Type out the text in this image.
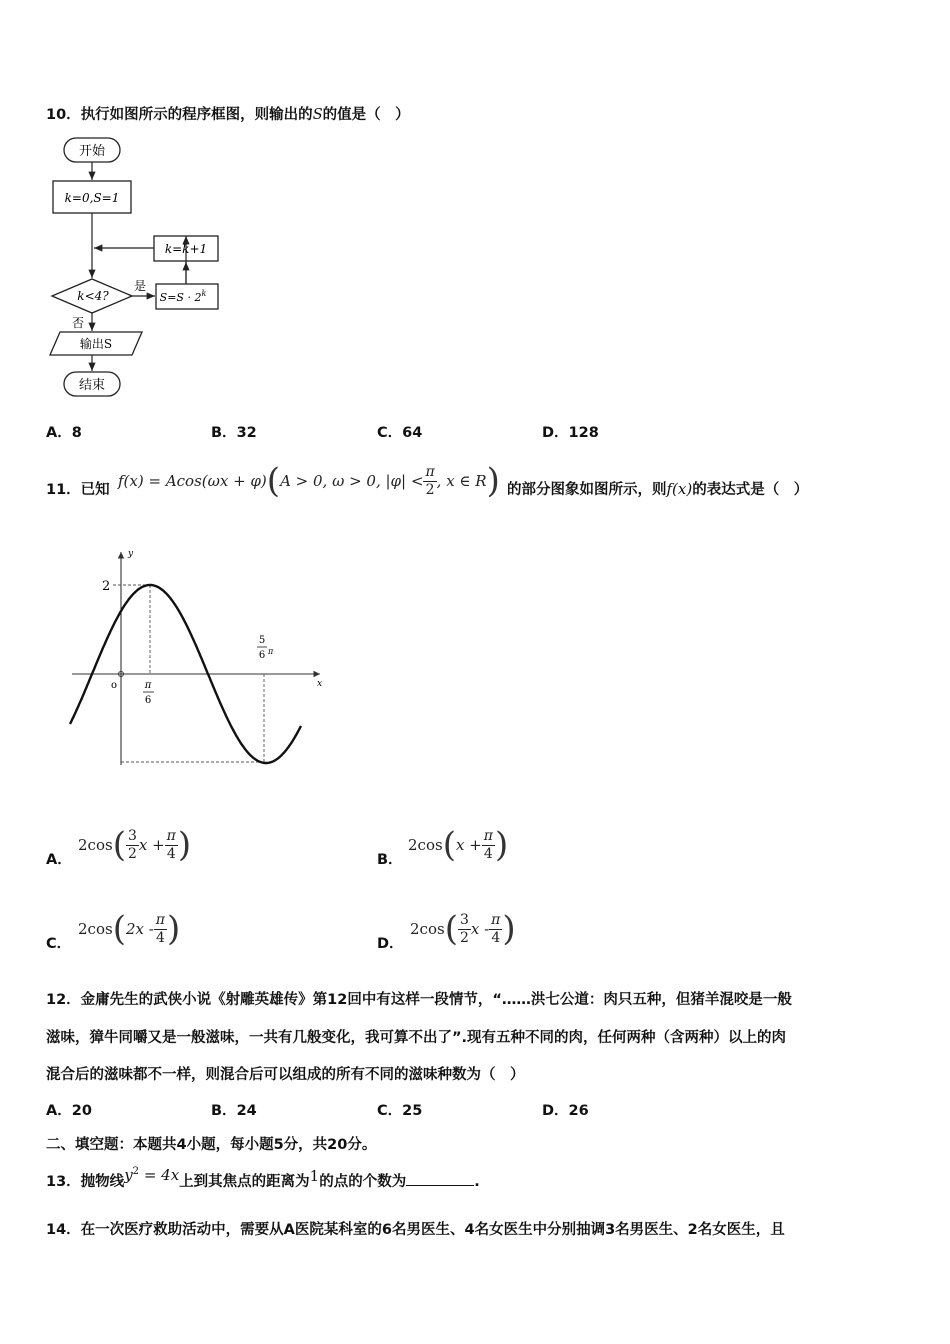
10．执行如图所示的程序框图，则输出的S的值是（　）
开始
k=0,S=1
k=k+1
k<4?
是
$S=S \cdot 2^k$
否
输出S
结束
A．8	B．32	C．64	D．128
11．已知 f(x) = Acos(ωx + φ) ( A > 0, ω > 0, $|\varphi| < \frac{\pi}{2}$ , x ∈ R ) 的部分图象如图所示，则f(x)的表达式是（　）
y
x
o
2
π
6
5
6 π
A．
2cos ( $\frac{3}{2}$ $x + \frac{\pi}{4}$ )	B．
2cos ( $x + \frac{\pi}{4}$ )
C．
2cos ( $2x - \frac{\pi}{4}$ )	D．
2cos ( $\frac{3}{2}$ x - $\frac{\pi}{4}$ )
12．金庸先生的武侠小说《射雕英雄传》第12回中有这样一段情节，“……洪七公道：肉只五种，但猪羊混咬是一般
滋味，獐牛同嚼又是一般滋味，一共有几般变化，我可算不出了”.现有五种不同的肉，任何两种（含两种）以上的肉
混合后的滋味都不一样，则混合后可以组成的所有不同的滋味种数为（　）
A．20	B．24	C．25	D．26
二、填空题：本题共4小题，每小题5分，共20分。
13．抛物线$y^2 = 4x$上到其焦点的距离为1的点的个数为	.
14．在一次医疗救助活动中，需要从A医院某科室的6名男医生、4名女医生中分别抽调3名男医生、2名女医生，且
